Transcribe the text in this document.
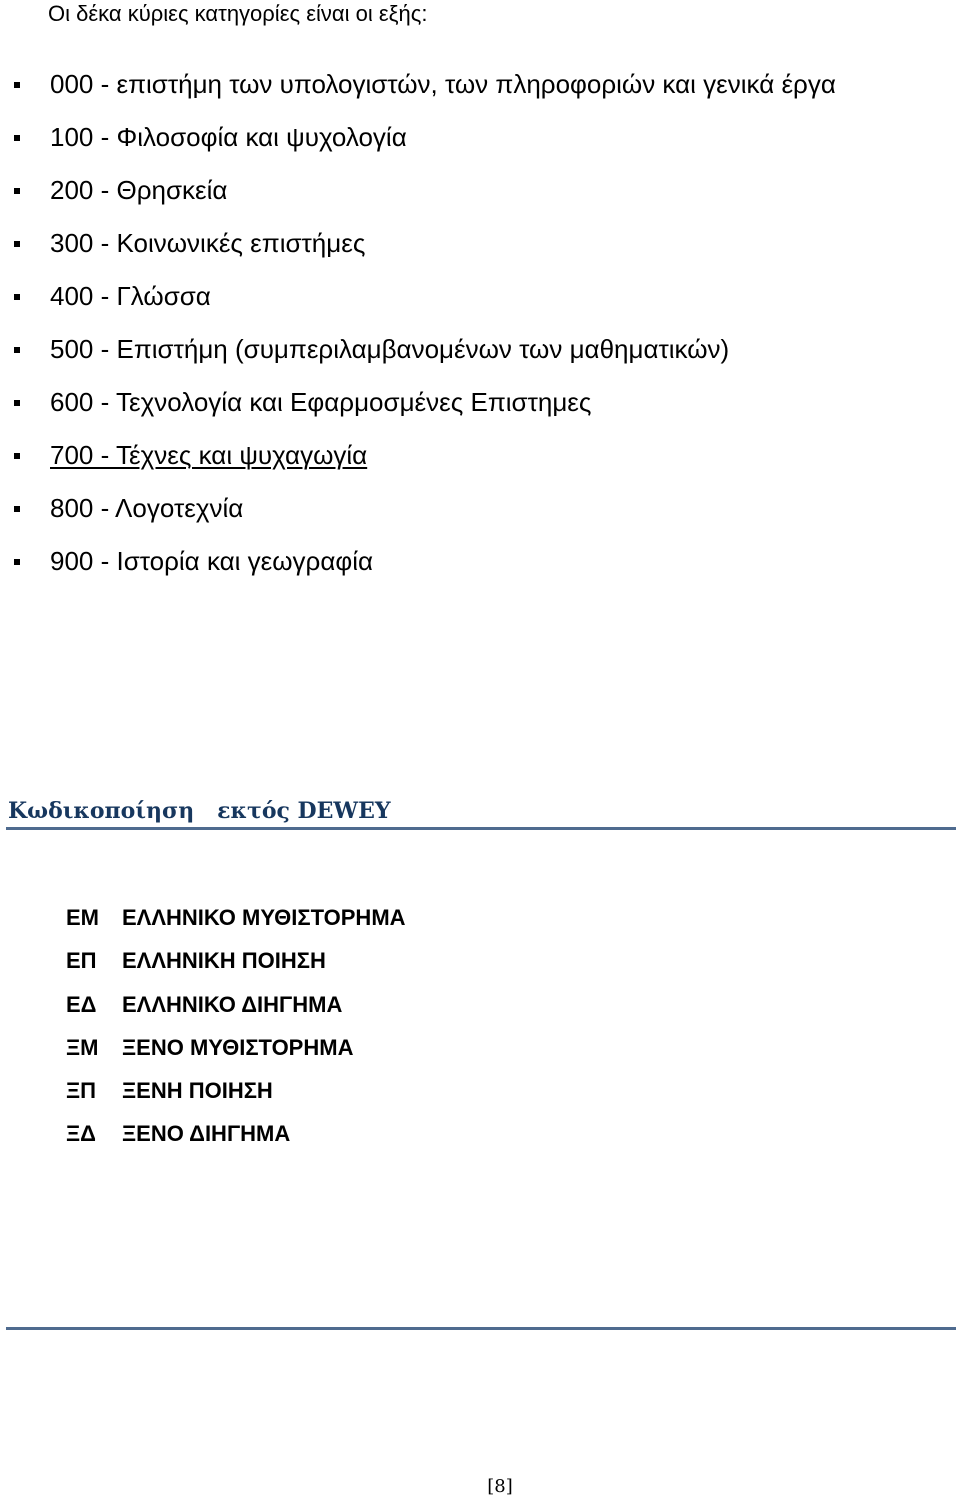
Οι δέκα κύριες κατηγορίες είναι οι εξής:

000 - επιστήμη των υπολογιστών, των πληροφοριών και γενικά έργα
100 - Φιλοσοφία και ψυχολογία
200 - Θρησκεία
300 - Κοινωνικές επιστήμες
400 - Γλώσσα
500 - Επιστήμη (συμπεριλαμβανομένων των μαθηματικών)
600 - Τεχνολογία και Εφαρμοσμένες Επιστημες
700 - Τέχνες και ψυχαγωγία
800 - Λογοτεχνία
900 - Ιστορία και γεωγραφία
Κωδικοποίηση   εκτός DEWEY
ΕΜ ΕΛΛΗΝΙΚΟ ΜΥΘΙΣΤΟΡΗΜΑ
ΕΠ ΕΛΛΗΝΙΚΗ ΠΟΙΗΣΗ
ΕΔ ΕΛΛΗΝΙΚΟ ΔΙΗΓΗΜΑ
ΞΜ ΞΕΝΟ ΜΥΘΙΣΤΟΡΗΜΑ
ΞΠ ΞΕΝΗ ΠΟΙΗΣΗ
ΞΔ ΞΕΝΟ ΔΙΗΓΗΜΑ
[8]
